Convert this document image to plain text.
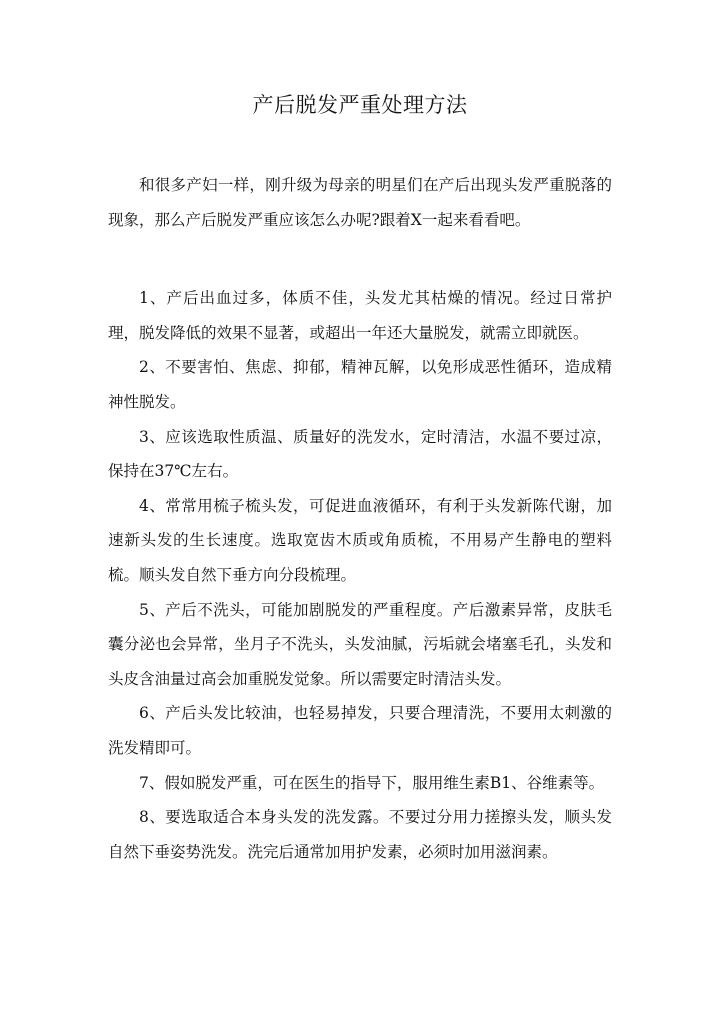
产后脱发严重处理方法

和很多产妇一样，刚升级为母亲的明星们在产后出现头发严重脱落的现象，那么产后脱发严重应该怎么办呢?跟着X一起来看看吧。

1、产后出血过多，体质不佳，头发尤其枯燥的情况。经过日常护理，脱发降低的效果不显著，或超出一年还大量脱发，就需立即就医。

2、不要害怕、焦虑、抑郁，精神瓦解，以免形成恶性循环，造成精神性脱发。

3、应该选取性质温、质量好的洗发水，定时清洁，水温不要过凉，保持在37℃左右。

4、常常用梳子梳头发，可促进血液循环，有利于头发新陈代谢，加速新头发的生长速度。选取宽齿木质或角质梳，不用易产生静电的塑料梳。顺头发自然下垂方向分段梳理。

5、产后不洗头，可能加剧脱发的严重程度。产后激素异常，皮肤毛囊分泌也会异常，坐月子不洗头，头发油腻，污垢就会堵塞毛孔，头发和头皮含油量过高会加重脱发觉象。所以需要定时清洁头发。

6、产后头发比较油，也轻易掉发，只要合理清洗，不要用太刺激的洗发精即可。

7、假如脱发严重，可在医生的指导下，服用维生素B1、谷维素等。

8、要选取适合本身头发的洗发露。不要过分用力搓擦头发，顺头发自然下垂姿势洗发。洗完后通常加用护发素，必须时加用滋润素。
